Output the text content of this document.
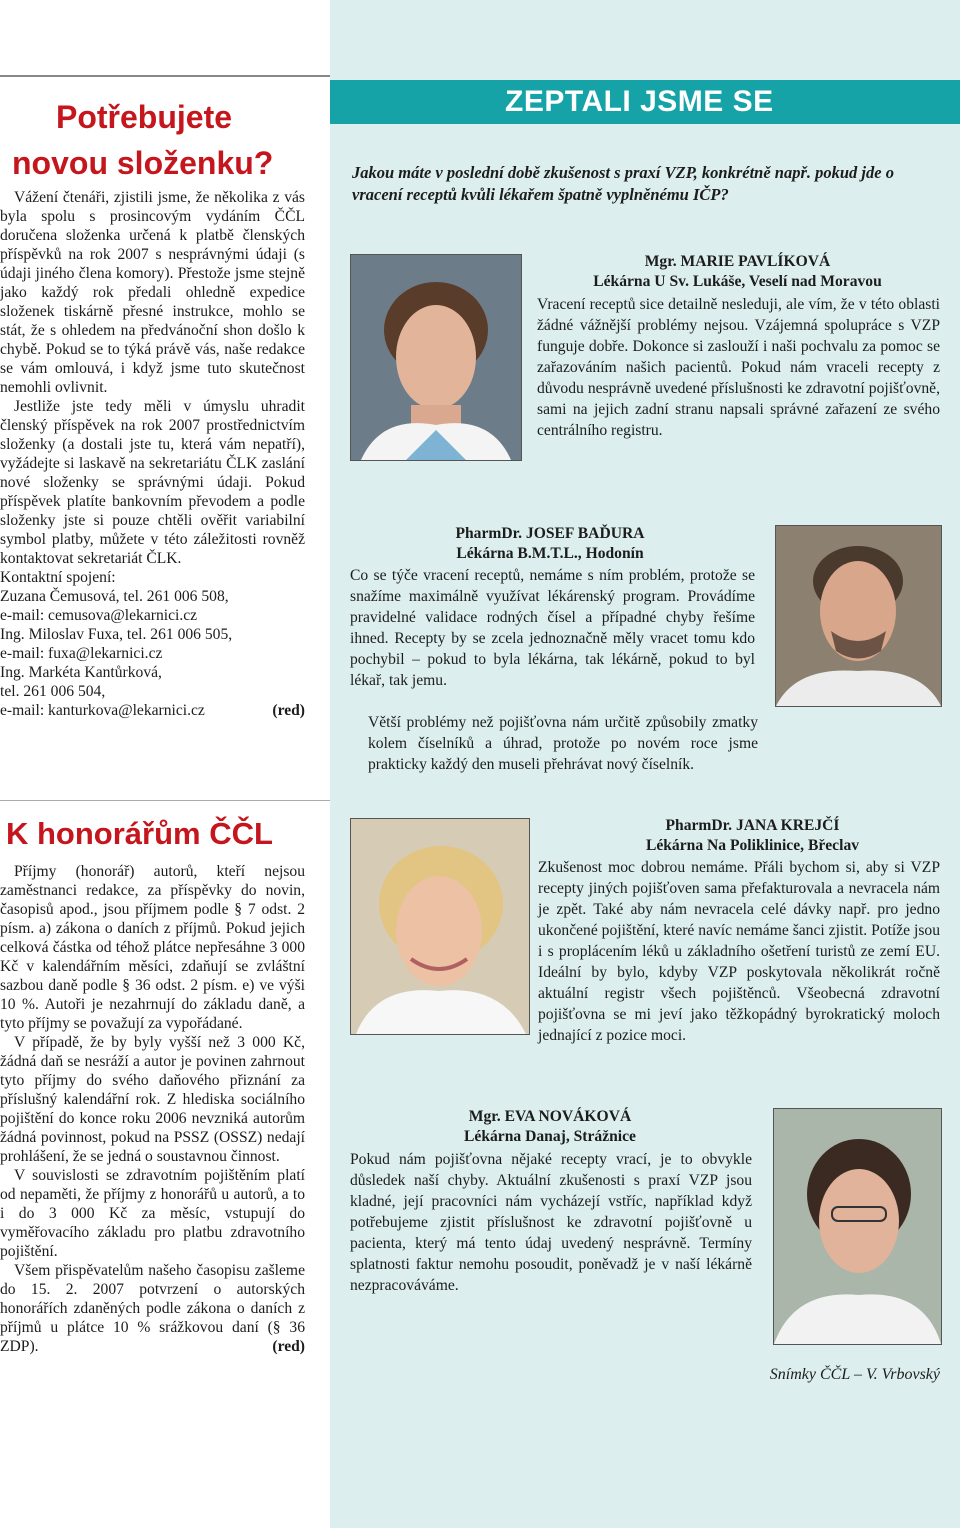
Potřebujete
novou složenku?

Vážení čtenáři, zjistili jsme, že několika z vás byla spolu s prosincovým vydáním ČČL doručena složenka určená k platbě členských příspěvků na rok 2007 s nesprávnými údaji (s údaji jiného člena komory). Přestože jsme stejně jako každý rok předali ohledně expedice složenek tiskárně přesné instrukce, mohlo se stát, že s ohledem na předvánoční shon došlo k chybě. Pokud se to týká právě vás, naše redakce se vám omlouvá, i když jsme tuto skutečnost nemohli ovlivnit.

Jestliže jste tedy měli v úmyslu uhradit členský příspěvek na rok 2007 prostřednictvím složenky (a dostali jste tu, která vám nepatří), vyžádejte si laskavě na sekretariátu ČLK zaslání nové složenky se správnými údaji. Pokud příspěvek platíte bankovním převodem a podle složenky jste si pouze chtěli ověřit variabilní symbol platby, můžete v této záležitosti rovněž kontaktovat sekretariát ČLK.

Kontaktní spojení:

Zuzana Čemusová, tel. 261 006 508,

e-mail: cemusova@lekarnici.cz

Ing. Miloslav Fuxa, tel. 261 006 505,

e-mail: fuxa@lekarnici.cz

Ing. Markéta Kantůrková,

tel. 261 006 504,

e-mail: kanturkova@lekarnici.cz	(red)

K honorářům ČČL

Příjmy (honorář) autorů, kteří nejsou zaměstnanci redakce, za příspěvky do novin, časopisů apod., jsou příjmem podle § 7 odst. 2 písm. a) zákona o daních z příjmů. Pokud jejich celková částka od téhož plátce nepřesáhne 3 000 Kč v kalendářním měsíci, zdaňují se zvláštní sazbou daně podle § 36 odst. 2 písm. e) ve výši 10 %. Autoři je nezahrnují do základu daně, a tyto příjmy se považují za vypořádané.

V případě, že by byly vyšší než 3 000 Kč, žádná daň se nesráží a autor je povinen zahrnout tyto příjmy do svého daňového přiznání za příslušný kalendářní rok. Z hlediska sociálního pojištění do konce roku 2006 nevzniká autorům žádná povinnost, pokud na PSSZ (OSSZ) nedají prohlášení, že se jedná o soustavnou činnost.

V souvislosti se zdravotním pojištěním platí od nepaměti, že příjmy z honorářů u autorů, a to i do 3 000 Kč za měsíc, vstupují do vyměřovacího základu pro platbu zdravotního pojištění.

Všem přispěvatelům našeho časopisu zašleme do 15. 2. 2007 potvrzení o autorských honorářích zdaněných podle zákona o daních z příjmů u plátce 10 % srážkovou daní (§ 36 ZDP).	(red)

ZEPTALI JSME SE
Jakou máte v poslední době zkušenost s praxí VZP, konkrétně např. pokud jde o vracení receptů kvůli lékařem špatně vyplněnému IČP?

Mgr. MARIE PAVLÍKOVÁ

Lékárna U Sv. Lukáše, Veselí nad Moravou

Vracení receptů sice detailně nesleduji, ale vím, že v této oblasti žádné vážnější problémy nejsou. Vzájemná spolupráce s VZP funguje dobře. Dokonce si zaslouží i naši pochvalu za pomoc se zařazováním našich pacientů. Pokud nám vraceli recepty z důvodu nesprávně uvedené příslušnosti ke zdravotní pojišťovně, sami na jejich zadní stranu napsali správné zařazení ze svého centrálního registru.

PharmDr. JOSEF BAĎURA

Lékárna B.M.T.L., Hodonín

Co se týče vracení receptů, nemáme s ním problém, protože se snažíme maximálně využívat lékárenský program. Provádíme pravidelné validace rodných čísel a případné chyby řešíme ihned. Recepty by se zcela jednoznačně měly vracet tomu kdo pochybil – pokud to byla lékárna, tak lékárně, pokud to byl lékař, tak jemu.
Větší problémy než pojišťovna nám určitě způsobily zmatky kolem číselníků a úhrad, protože po novém roce jsme prakticky každý den museli přehrávat nový číselník.

PharmDr. JANA KREJČÍ

Lékárna Na Poliklinice, Břeclav

Zkušenost moc dobrou nemáme. Přáli bychom si, aby si VZP recepty jiných pojišťoven sama přefakturovala a nevracela nám je zpět. Také aby nám nevracela celé dávky např. pro jedno ukončené pojištění, které navíc nemáme šanci zjistit. Potíže jsou i s proplácením léků u základního ošetření turistů ze zemí EU. Ideální by bylo, kdyby VZP poskytovala několikrát ročně aktuální registr všech pojištěnců. Všeobecná zdravotní pojišťovna se mi jeví jako těžkopádný byrokratický moloch jednající z pozice moci.

Mgr. EVA NOVÁKOVÁ

Lékárna Danaj, Strážnice

Pokud nám pojišťovna nějaké recepty vrací, je to obvykle důsledek naší chyby. Aktuální zkušenosti s praxí VZP jsou kladné, její pracovníci nám vycházejí vstříc, například když potřebujeme zjistit příslušnost ke zdravotní pojišťovně u pacienta, který má tento údaj uvedený nesprávně. Termíny splatnosti faktur nemohu posoudit, poněvadž je v naší lékárně nezpracováváme.
Snímky ČČL – V. Vrbovský
